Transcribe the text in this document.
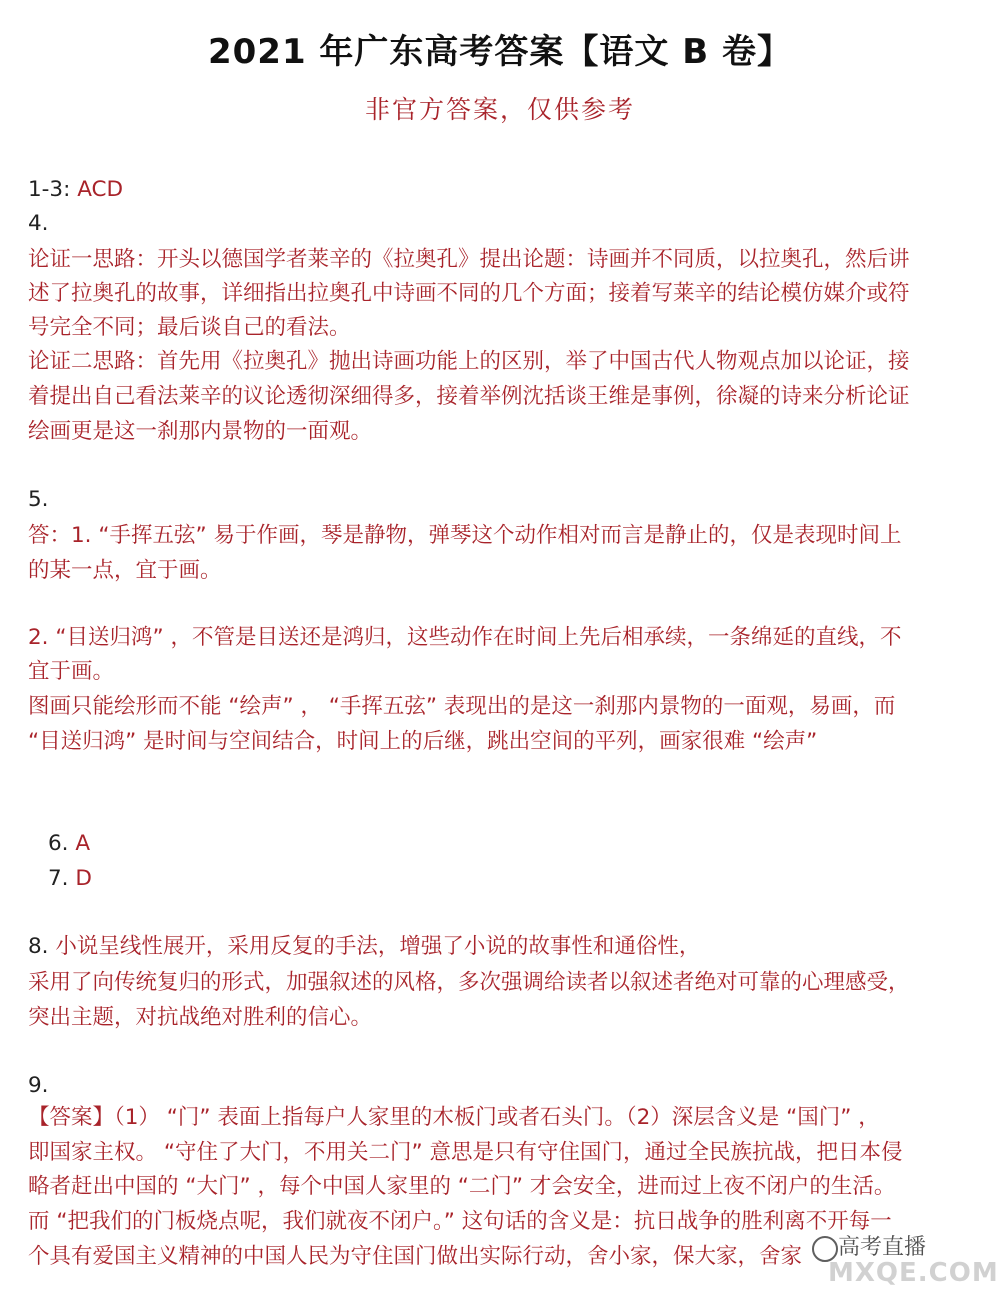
2021 年广东高考答案【语文 B 卷】
非官方答案，仅供参考
1-3: ACD
4.
论证一思路：开头以德国学者莱辛的《拉奥孔》提出论题：诗画并不同质，以拉奥孔，然后讲
述了拉奥孔的故事，详细指出拉奥孔中诗画不同的几个方面；接着写莱辛的结论模仿媒介或符
号完全不同；最后谈自己的看法。
论证二思路：首先用《拉奥孔》抛出诗画功能上的区别，举了中国古代人物观点加以论证，接
着提出自己看法莱辛的议论透彻深细得多，接着举例沈括谈王维是事例，徐凝的诗来分析论证
绘画更是这一刹那内景物的一面观。
5.
答：1. “手挥五弦” 易于作画，琴是静物，弹琴这个动作相对而言是静止的，仅是表现时间上
的某一点，宜于画。
2. “目送归鸿” ，不管是目送还是鸿归，这些动作在时间上先后相承续，一条绵延的直线，不
宜于画。
图画只能绘形而不能 “绘声” ， “手挥五弦” 表现出的是这一刹那内景物的一面观，易画，而
“目送归鸿” 是时间与空间结合，时间上的后继，跳出空间的平列，画家很难 “绘声”
6. A
7. D
8. 小说呈线性展开，采用反复的手法，增强了小说的故事性和通俗性，
采用了向传统复归的形式，加强叙述的风格，多次强调给读者以叙述者绝对可靠的心理感受，
突出主题，对抗战绝对胜利的信心。
9.
【答案】（1） “门” 表面上指每户人家里的木板门或者石头门。（2）深层含义是 “国门” ，
即国家主权。 “守住了大门，不用关二门” 意思是只有守住国门，通过全民族抗战，把日本侵
略者赶出中国的 “大门” ，每个中国人家里的 “二门” 才会安全，进而过上夜不闭户的生活。
而 “把我们的门板烧点呢，我们就夜不闭户。” 这句话的含义是：抗日战争的胜利离不开每一
个具有爱国主义精神的中国人民为守住国门做出实际行动，舍小家，保大家，舍家	高考直播
MXQE.COM
